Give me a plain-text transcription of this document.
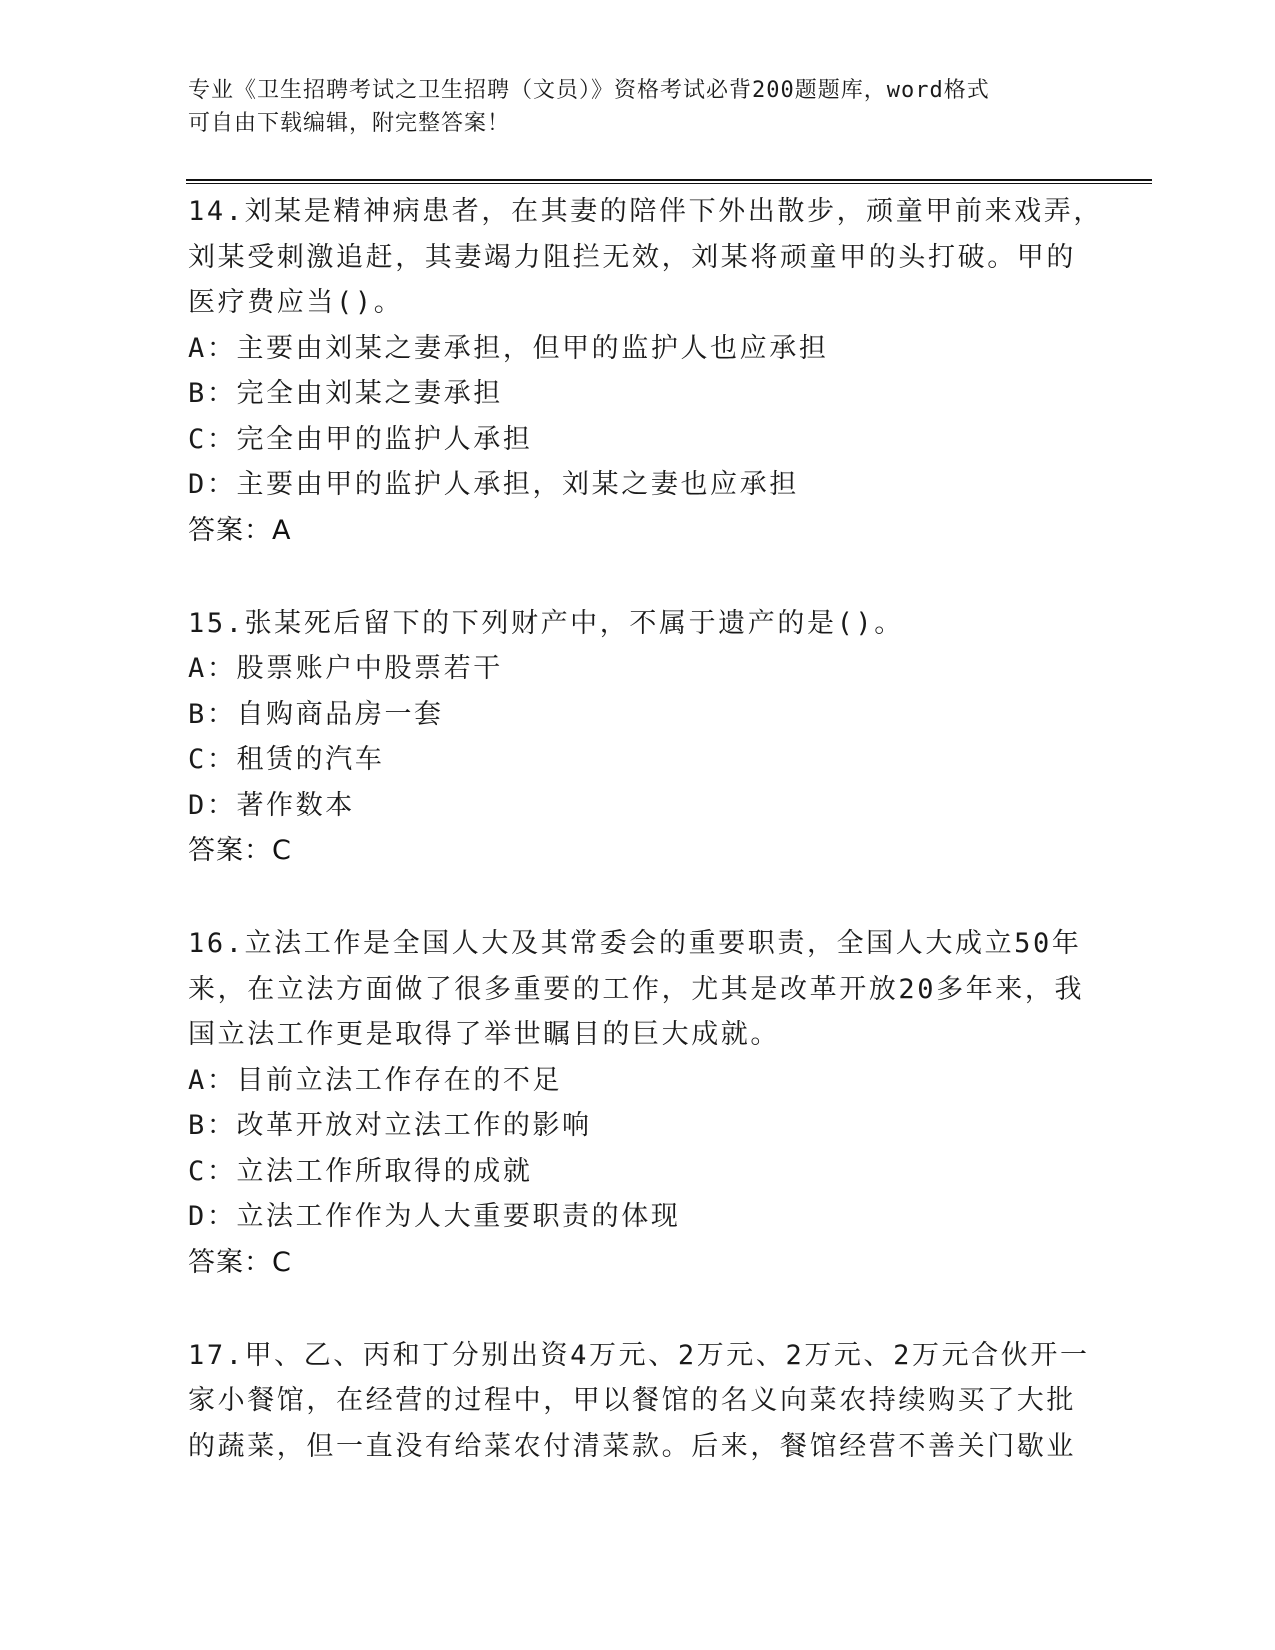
专业《卫生招聘考试之卫生招聘（文员）》资格考试必背200题题库，word格式
可自由下载编辑，附完整答案！
14.刘某是精神病患者，在其妻的陪伴下外出散步，顽童甲前来戏弄，
刘某受刺激追赶，其妻竭力阻拦无效，刘某将顽童甲的头打破。甲的
医疗费应当()。
A：主要由刘某之妻承担，但甲的监护人也应承担
B：完全由刘某之妻承担
C：完全由甲的监护人承担
D：主要由甲的监护人承担，刘某之妻也应承担
答案：A
15.张某死后留下的下列财产中，不属于遗产的是()。
A：股票账户中股票若干
B：自购商品房一套
C：租赁的汽车
D：著作数本
答案：C
16.立法工作是全国人大及其常委会的重要职责，全国人大成立50年
来，在立法方面做了很多重要的工作，尤其是改革开放20多年来，我
国立法工作更是取得了举世瞩目的巨大成就。
A：目前立法工作存在的不足
B：改革开放对立法工作的影响
C：立法工作所取得的成就
D：立法工作作为人大重要职责的体现
答案：C
17.甲、乙、丙和丁分别出资4万元、2万元、2万元、2万元合伙开一
家小餐馆，在经营的过程中，甲以餐馆的名义向菜农持续购买了大批
的蔬菜，但一直没有给菜农付清菜款。后来，餐馆经营不善关门歇业
